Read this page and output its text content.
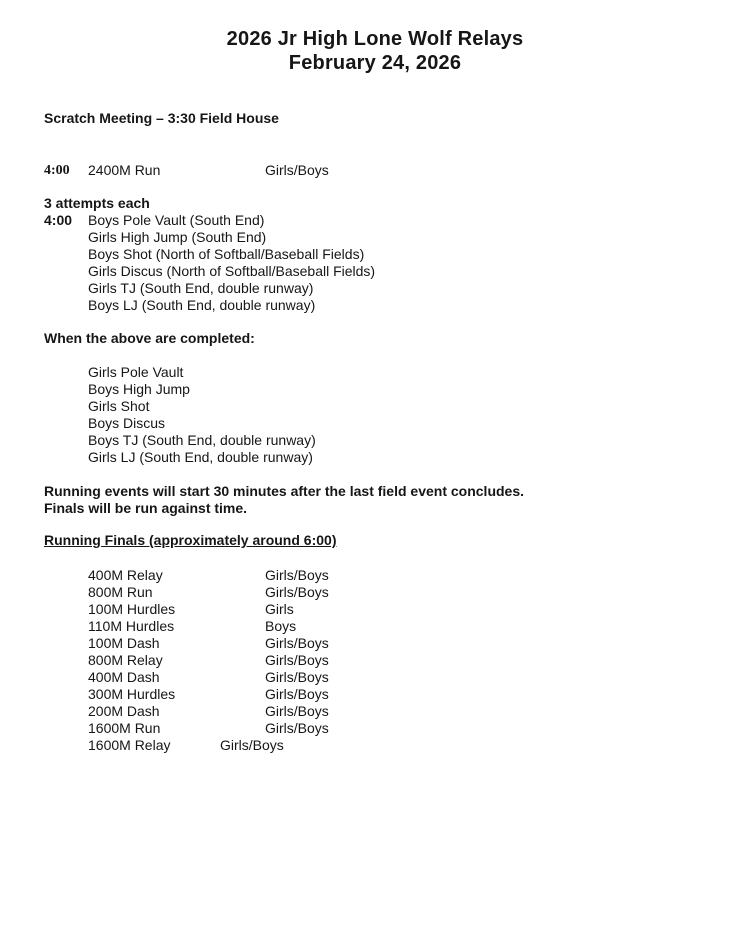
2026 Jr High Lone Wolf Relays
February 24, 2026
Scratch Meeting – 3:30 Field House
4:00	2400M Run	Girls/Boys
3 attempts each
4:00	Boys Pole Vault (South End)
Girls High Jump (South End)
Boys Shot (North of Softball/Baseball Fields)
Girls Discus (North of Softball/Baseball Fields)
Girls TJ (South End, double runway)
Boys LJ (South End, double runway)
When the above are completed:
Girls Pole Vault
Boys High Jump
Girls Shot
Boys Discus
Boys TJ (South End, double runway)
Girls LJ (South End, double runway)
Running events will start 30 minutes after the last field event concludes.
Finals will be run against time.
Running Finals (approximately around 6:00)
400M Relay	Girls/Boys
800M Run	Girls/Boys
100M Hurdles	Girls
110M Hurdles	Boys
100M Dash	Girls/Boys
800M Relay	Girls/Boys
400M Dash	Girls/Boys
300M Hurdles	Girls/Boys
200M Dash	Girls/Boys
1600M Run	Girls/Boys
1600M Relay	Girls/Boys
